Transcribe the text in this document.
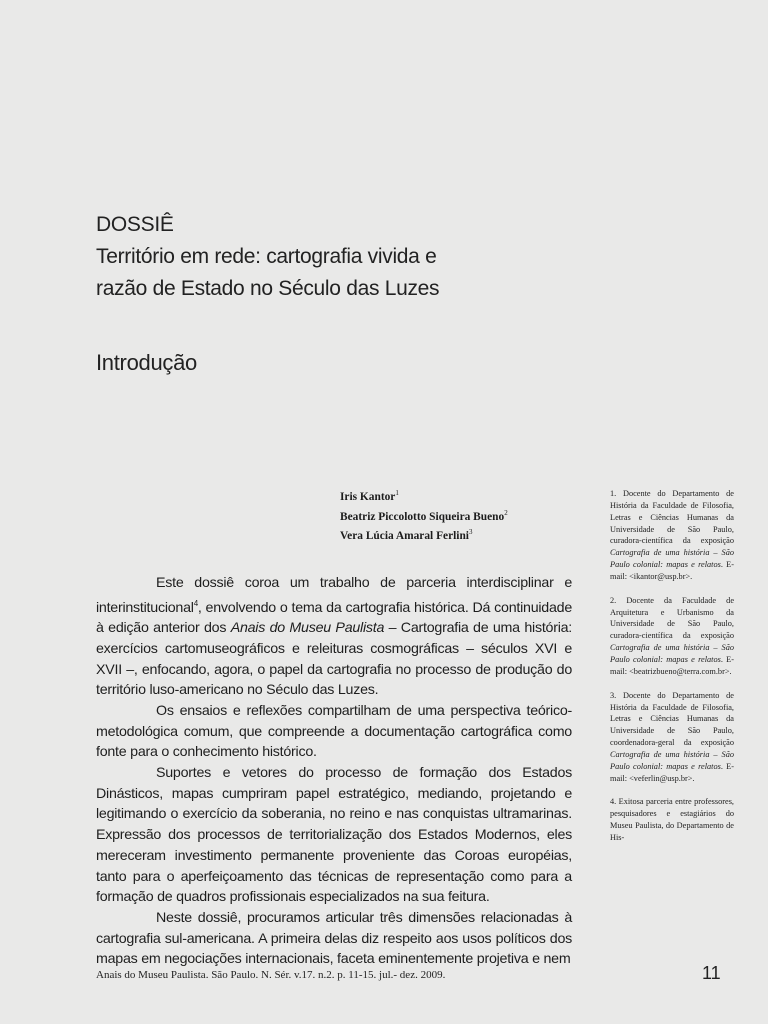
DOSSIÊ
Território em rede: cartografia vivida e
razão de Estado no Século das Luzes
Introdução
Iris Kantor$^1$
Beatriz Piccolotto Siqueira Bueno$^2$
Vera Lúcia Amaral Ferlini$^3$

Este dossiê coroa um trabalho de parceria interdisciplinar e interinstitucional$^4$, envolvendo o tema da cartografia histórica. Dá continuidade à edição anterior dos Anais do Museu Paulista – Cartografia de uma história: exercícios cartomuseográficos e releituras cosmográficas – séculos XVI e XVII –, enfocando, agora, o papel da cartografia no processo de produção do território luso-americano no Século das Luzes.

Os ensaios e reflexões compartilham de uma perspectiva teórico-metodológica comum, que compreende a documentação cartográfica como fonte para o conhecimento histórico.

Suportes e vetores do processo de formação dos Estados Dinásticos, mapas cumpriram papel estratégico, mediando, projetando e legitimando o exercício da soberania, no reino e nas conquistas ultramarinas. Expressão dos processos de territorialização dos Estados Modernos, eles mereceram investimento permanente proveniente das Coroas européias, tanto para o aperfeiçoamento das técnicas de representação como para a formação de quadros profissionais especializados na sua feitura.

Neste dossiê, procuramos articular três dimensões relacionadas à cartografia sul-americana. A primeira delas diz respeito aos usos políticos dos mapas em negociações internacionais, faceta eminentemente projetiva e nem

1. Docente do Departamento de História da Faculdade de Filosofia, Letras e Ciências Humanas da Universidade de São Paulo, curadora-científica da exposição Cartografia de uma história – São Paulo colonial: mapas e relatos. E-mail: <ikantor@usp.br>.
2. Docente da Faculdade de Arquitetura e Urbanismo da Universidade de São Paulo, curadora-científica da exposição Cartografia de uma história – São Paulo colonial: mapas e relatos. E-mail: <beatrizbueno@terra.com.br>.
3. Docente do Departamento de História da Faculdade de Filosofia, Letras e Ciências Humanas da Universidade de São Paulo, coordenadora-geral da exposição Cartografia de uma história – São Paulo colonial: mapas e relatos. E-mail: <veferlin@usp.br>.
4. Exitosa parceria entre professores, pesquisadores e estagiários do Museu Paulista, do Departamento de His-
Anais do Museu Paulista. São Paulo. N. Sér. v.17. n.2. p. 11-15. jul.- dez. 2009.	11
